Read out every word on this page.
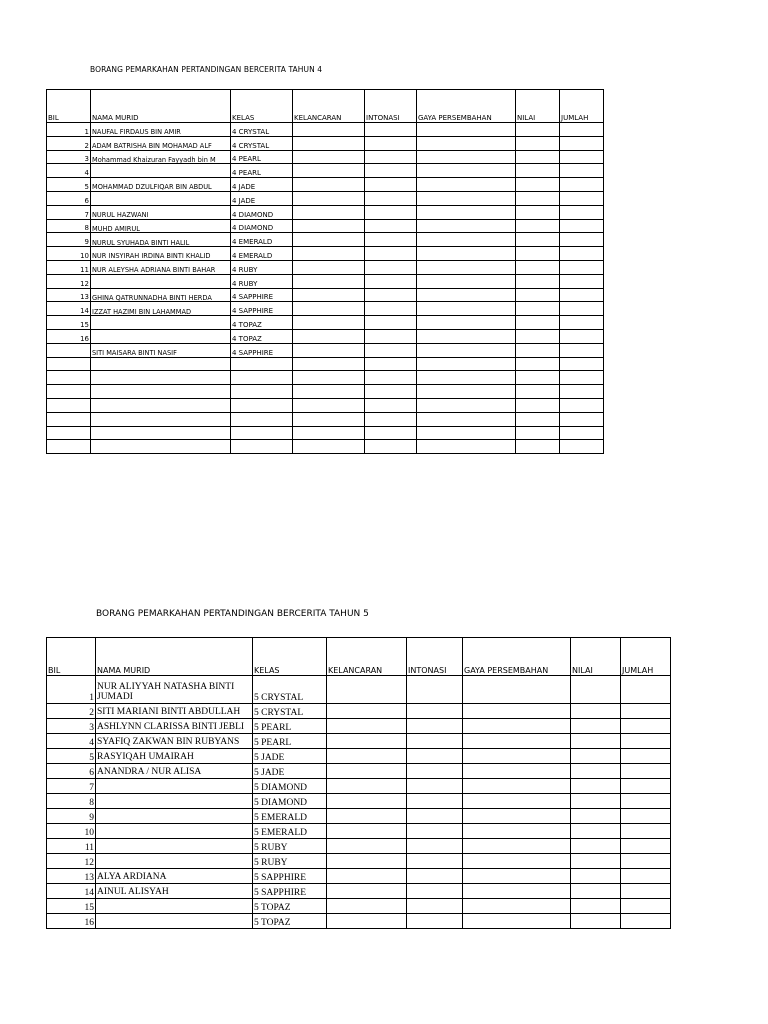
BORANG PEMARKAHAN PERTANDINGAN BERCERITA TAHUN 4
BIL	NAMA MURID	KELAS	KELANCARAN	INTONASI	GAYA PERSEMBAHAN	NILAI	JUMLAH
1	NAUFAL FIRDAUS BIN AMIR	4 CRYSTAL					
2	ADAM BATRISHA BIN MOHAMAD ALF	4 CRYSTAL					
3	Mohammad Khaizuran Fayyadh bin M	4 PEARL					
4		4 PEARL					
5	MOHAMMAD DZULFIQAR BIN ABDUL	4 JADE					
6		4 JADE					
7	NURUL HAZWANI	4 DIAMOND					
8	MUHD AMIRUL	4 DIAMOND					
9	NURUL SYUHADA BINTI HALIL	4 EMERALD					
10	NUR INSYIRAH IRDINA BINTI KHALID	4 EMERALD					
11	NUR ALEYSHA ADRIANA BINTI BAHAR	4 RUBY					
12		4 RUBY					
13	GHINA QATRUNNADHA BINTI HERDA	4 SAPPHIRE					
14	IZZAT HAZIMI BIN LAHAMMAD	4 SAPPHIRE					
15		4 TOPAZ					
16		4 TOPAZ					
	SITI MAISARA BINTI NASIF	4 SAPPHIRE					

BORANG PEMARKAHAN PERTANDINGAN BERCERITA TAHUN 5
BIL	NAMA MURID	KELAS	KELANCARAN	INTONASI	GAYA PERSEMBAHAN	NILAI	JUMLAH
1	NUR ALIYYAH NATASHA BINTI JUMADI	5 CRYSTAL					
2	SITI MARIANI BINTI ABDULLAH	5 CRYSTAL					
3	ASHLYNN CLARISSA BINTI JEBLI	5 PEARL					
4	SYAFIQ ZAKWAN BIN RUBYANS	5 PEARL					
5	RASYIQAH UMAIRAH	5 JADE					
6	ANANDRA / NUR ALISA	5 JADE					
7		5 DIAMOND					
8		5 DIAMOND					
9		5 EMERALD					
10		5 EMERALD					
11		5 RUBY					
12		5 RUBY					
13	ALYA ARDIANA	5 SAPPHIRE					
14	AINUL ALISYAH	5 SAPPHIRE					
15		5 TOPAZ					
16		5 TOPAZ					
